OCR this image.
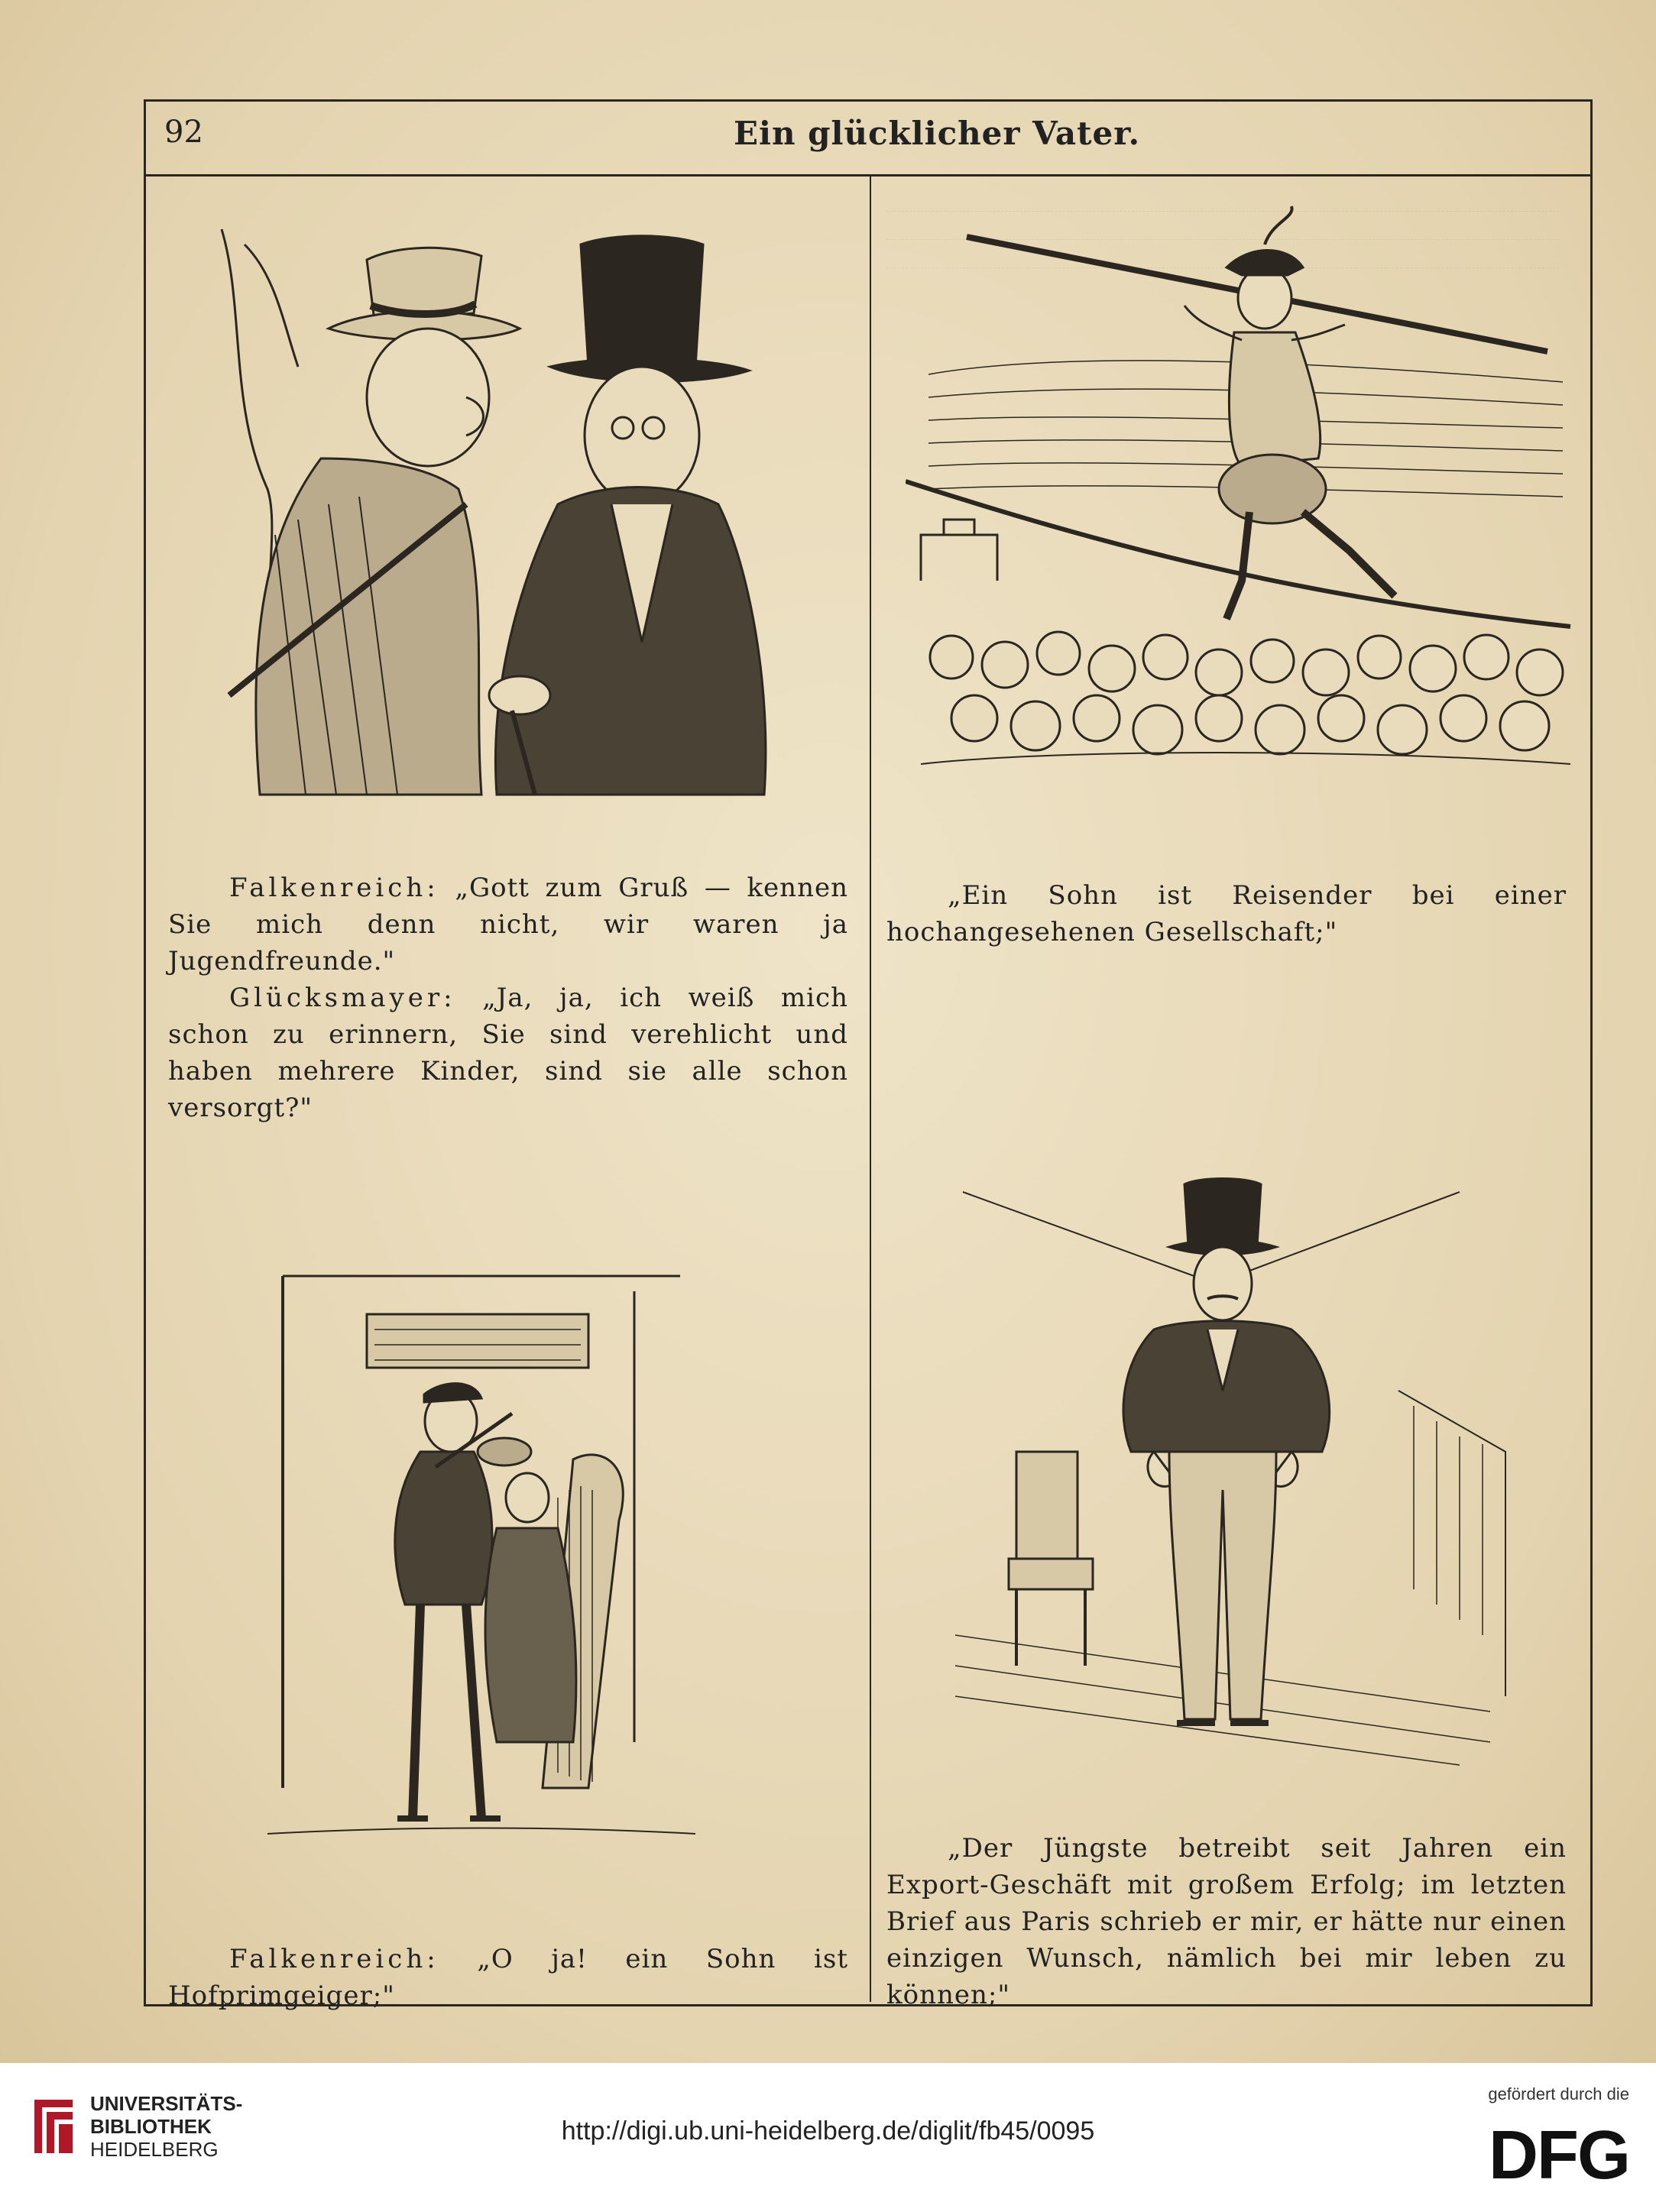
92	Ein glücklicher Vater.
Falkenreich: „Gott zum Gruß — kennen Sie mich denn nicht, wir waren ja Jugendfreunde."
Glücksmayer: „Ja, ja, ich weiß mich schon zu erinnern, Sie sind verehlicht und haben mehrere Kinder, sind sie alle schon versorgt?"
„Ein Sohn ist Reisender bei einer hochangesehenen Gesellschaft;"
Falkenreich: „O ja! ein Sohn ist Hofprimgeiger;"
„Der Jüngste betreibt seit Jahren ein Export-Geschäft mit großem Erfolg; im letzten Brief aus Paris schrieb er mir, er hätte nur einen einzigen Wunsch, nämlich bei mir leben zu können;"
UNIVERSITÄTS-
BIBLIOTHEK
HEIDELBERG
http://digi.ub.uni-heidelberg.de/diglit/fb45/0095
gefördert durch die
DFG
